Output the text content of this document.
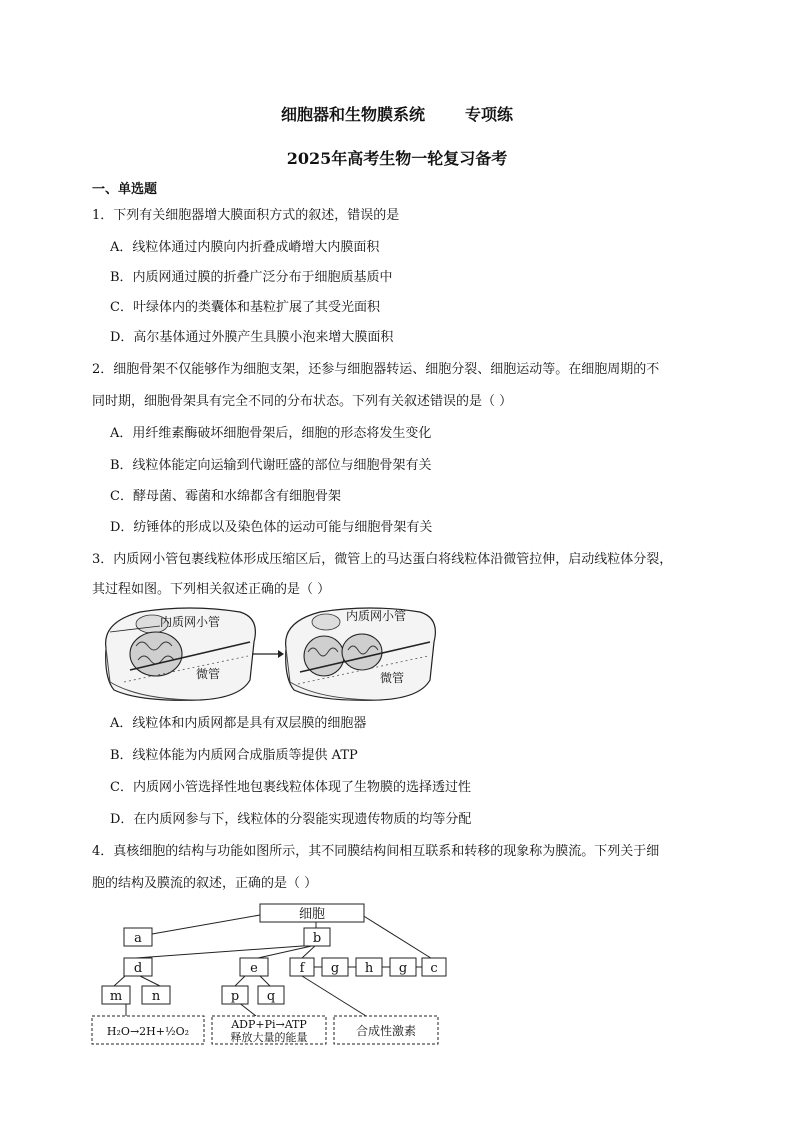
细胞器和生物膜系统	专项练
2025年高考生物一轮复习备考
一、单选题
1．下列有关细胞器增大膜面积方式的叙述，错误的是
A．线粒体通过内膜向内折叠成嵴增大内膜面积
B．内质网通过膜的折叠广泛分布于细胞质基质中
C．叶绿体内的类囊体和基粒扩展了其受光面积
D．高尔基体通过外膜产生具膜小泡来增大膜面积
2．细胞骨架不仅能够作为细胞支架，还参与细胞器转运、细胞分裂、细胞运动等。在细胞周期的不
同时期，细胞骨架具有完全不同的分布状态。下列有关叙述错误的是（ ）
A．用纤维素酶破坏细胞骨架后，细胞的形态将发生变化
B．线粒体能定向运输到代谢旺盛的部位与细胞骨架有关
C．酵母菌、霉菌和水绵都含有细胞骨架
D．纺锤体的形成以及染色体的运动可能与细胞骨架有关
3．内质网小管包裹线粒体形成压缩区后，微管上的马达蛋白将线粒体沿微管拉伸，启动线粒体分裂，
其过程如图。下列相关叙述正确的是（ ）
内质网小管
微管
内质网小管
微管
A．线粒体和内质网都是具有双层膜的细胞器
B．线粒体能为内质网合成脂质等提供 ATP
C．内质网小管选择性地包裹线粒体体现了生物膜的选择透过性
D．在内质网参与下，线粒体的分裂能实现遗传物质的均等分配
4．真核细胞的结构与功能如图所示，其不同膜结构间相互联系和转移的现象称为膜流。下列关于细
胞的结构及膜流的叙述，正确的是（ ）
细胞
a	b
d	e	f g h g c
m n	p q
H₂O→2H+½O₂
ADP+Pi→ATP
释放大量的能量	合成性激素
